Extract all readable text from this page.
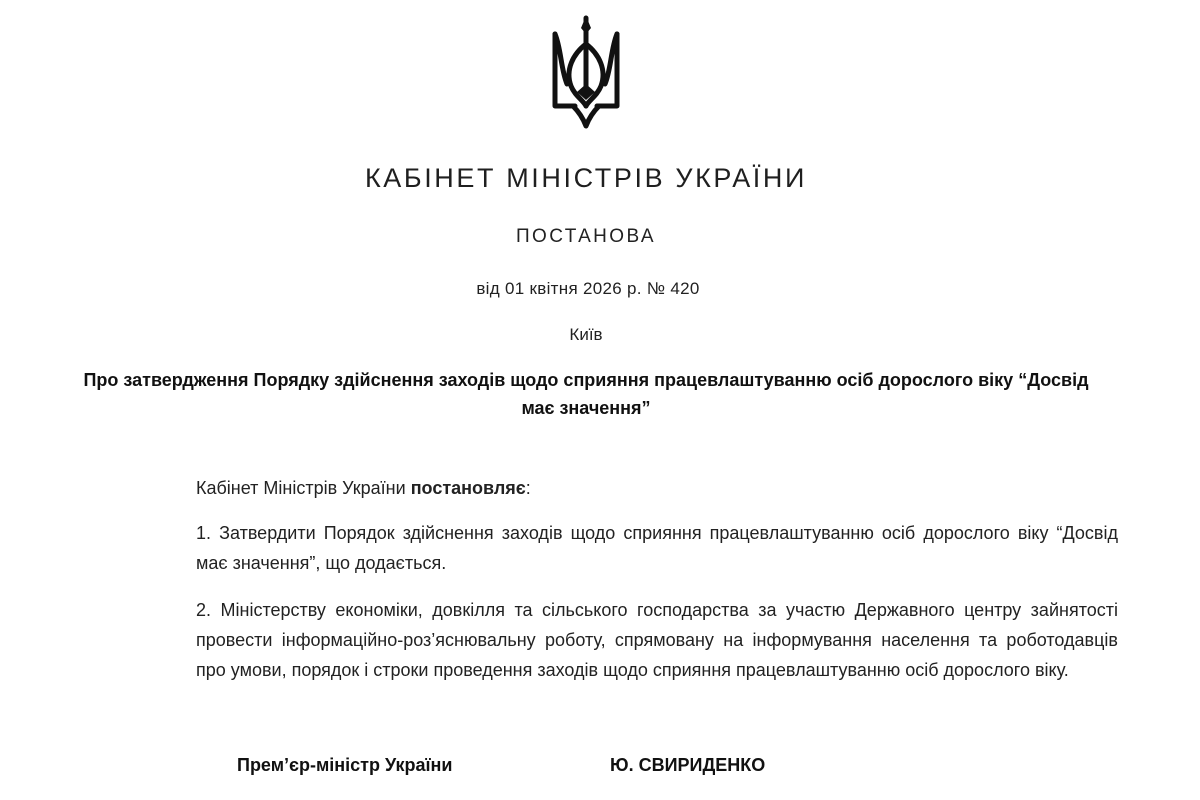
КАБІНЕТ МІНІСТРІВ УКРАЇНИ
ПОСТАНОВА
від 01 квітня 2026 р. № 420
Київ
Про затвердження Порядку здійснення заходів щодо сприяння працевлаштуванню осіб дорослого віку “Досвід має значення”

Кабінет Міністрів України постановляє:

1. Затвердити Порядок здійснення заходів щодо сприяння працевлаштуванню осіб дорослого віку “Досвід має значення”, що додається.

2. Міністерству економіки, довкілля та сільського господарства за участю Державного центру зайнятості провести інформаційно-роз’яснювальну роботу, спрямовану на інформування населення та роботодавців про умови, порядок і строки проведення заходів щодо сприяння працевлаштуванню осіб дорослого віку.

Прем’єр-міністр України	Ю. СВИРИДЕНКО
